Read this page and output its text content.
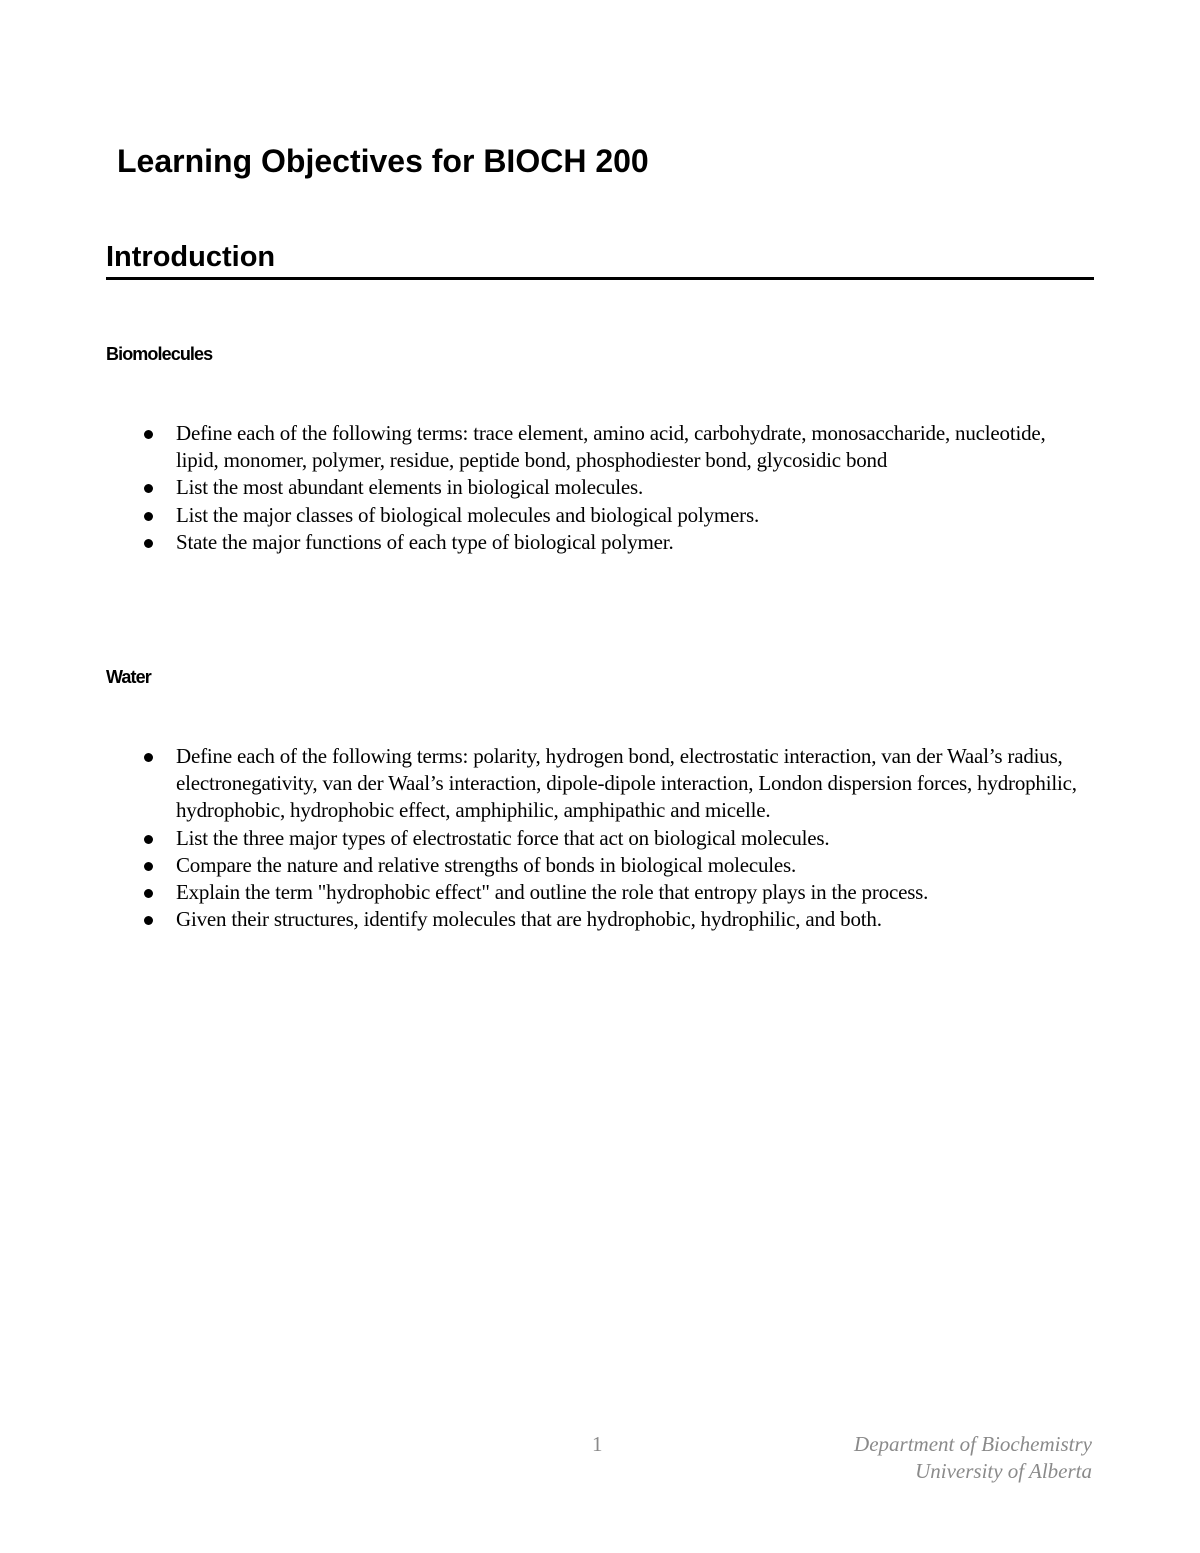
Learning Objectives for BIOCH 200
Introduction
Biomolecules
Define each of the following terms: trace element, amino acid, carbohydrate, monosaccharide, nucleotide, lipid, monomer, polymer, residue, peptide bond, phosphodiester bond, glycosidic bond
List the most abundant elements in biological molecules.
List the major classes of biological molecules and biological polymers.
State the major functions of each type of biological polymer.
Water
Define each of the following terms: polarity, hydrogen bond, electrostatic interaction, van der Waal’s radius, electronegativity, van der Waal’s interaction, dipole-dipole interaction, London dispersion forces, hydrophilic, hydrophobic, hydrophobic effect, amphiphilic, amphipathic and micelle.
List the three major types of electrostatic force that act on biological molecules.
Compare the nature and relative strengths of bonds in biological molecules.
Explain the term "hydrophobic effect" and outline the role that entropy plays in the process.
Given their structures, identify molecules that are hydrophobic, hydrophilic, and both.
1	Department of Biochemistry
University of Alberta
